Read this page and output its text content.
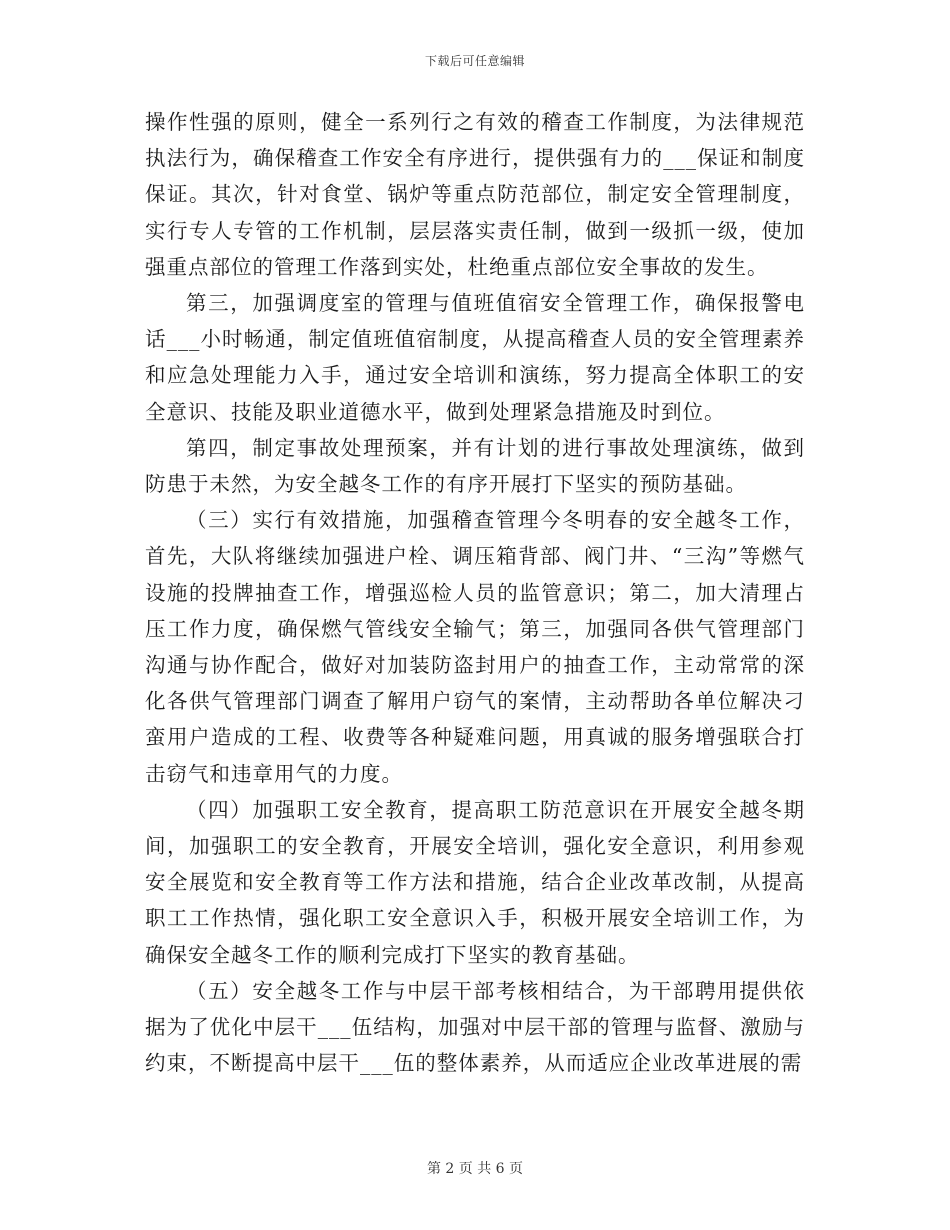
下载后可任意编辑

操作性强的原则，健全一系列行之有效的稽查工作制度，为法律规范执法行为，确保稽查工作安全有序进行，提供强有力的___保证和制度保证。其次，针对食堂、锅炉等重点防范部位，制定安全管理制度，实行专人专管的工作机制，层层落实责任制，做到一级抓一级，使加强重点部位的管理工作落到实处，杜绝重点部位安全事故的发生。

第三，加强调度室的管理与值班值宿安全管理工作，确保报警电话___小时畅通，制定值班值宿制度，从提高稽查人员的安全管理素养和应急处理能力入手，通过安全培训和演练，努力提高全体职工的安全意识、技能及职业道德水平，做到处理紧急措施及时到位。

第四，制定事故处理预案，并有计划的进行事故处理演练，做到防患于未然，为安全越冬工作的有序开展打下坚实的预防基础。

（三）实行有效措施，加强稽查管理今冬明春的安全越冬工作，首先，大队将继续加强进户栓、调压箱背部、阀门井、“三沟”等燃气设施的投牌抽查工作，增强巡检人员的监管意识；第二，加大清理占压工作力度，确保燃气管线安全输气；第三，加强同各供气管理部门沟通与协作配合，做好对加装防盗封用户的抽查工作，主动常常的深化各供气管理部门调查了解用户窃气的案情，主动帮助各单位解决刁蛮用户造成的工程、收费等各种疑难问题，用真诚的服务增强联合打击窃气和违章用气的力度。

（四）加强职工安全教育，提高职工防范意识在开展安全越冬期间，加强职工的安全教育，开展安全培训，强化安全意识，利用参观安全展览和安全教育等工作方法和措施，结合企业改革改制，从提高职工工作热情，强化职工安全意识入手，积极开展安全培训工作，为确保安全越冬工作的顺利完成打下坚实的教育基础。

（五）安全越冬工作与中层干部考核相结合，为干部聘用提供依据为了优化中层干___伍结构，加强对中层干部的管理与监督、激励与约束，不断提高中层干___伍的整体素养，从而适应企业改革进展的需

第 2 页 共 6 页
